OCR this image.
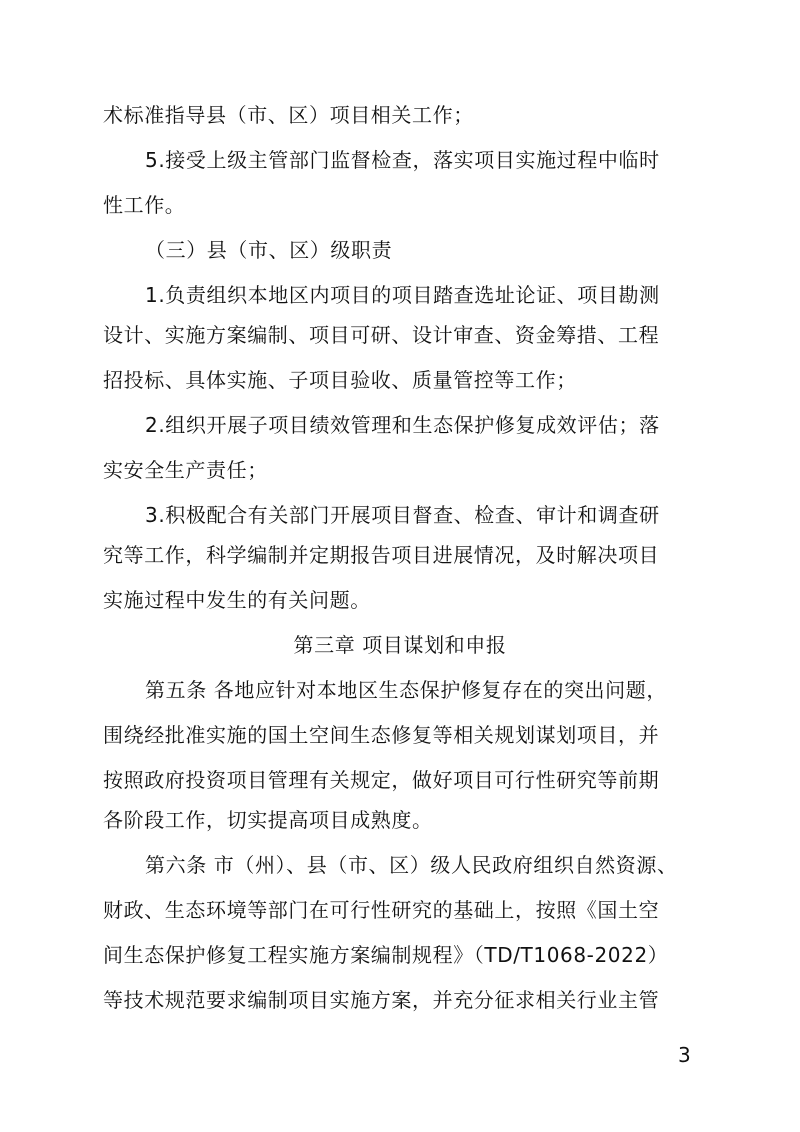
术标准指导县（市、区）项目相关工作；

5.接受上级主管部门监督检查，落实项目实施过程中临时

性工作。

（三）县（市、区）级职责

1.负责组织本地区内项目的项目踏查选址论证、项目勘测

设计、实施方案编制、项目可研、设计审查、资金筹措、工程

招投标、具体实施、子项目验收、质量管控等工作；

2.组织开展子项目绩效管理和生态保护修复成效评估；落

实安全生产责任；

3.积极配合有关部门开展项目督查、检查、审计和调查研

究等工作，科学编制并定期报告项目进展情况，及时解决项目

实施过程中发生的有关问题。

第三章 项目谋划和申报

第五条 各地应针对本地区生态保护修复存在的突出问题，

围绕经批准实施的国土空间生态修复等相关规划谋划项目，并

按照政府投资项目管理有关规定，做好项目可行性研究等前期

各阶段工作，切实提高项目成熟度。

第六条 市（州）、县（市、区）级人民政府组织自然资源、

财政、生态环境等部门在可行性研究的基础上，按照《国土空

间生态保护修复工程实施方案编制规程》（TD/T1068-2022）

等技术规范要求编制项目实施方案，并充分征求相关行业主管

3
